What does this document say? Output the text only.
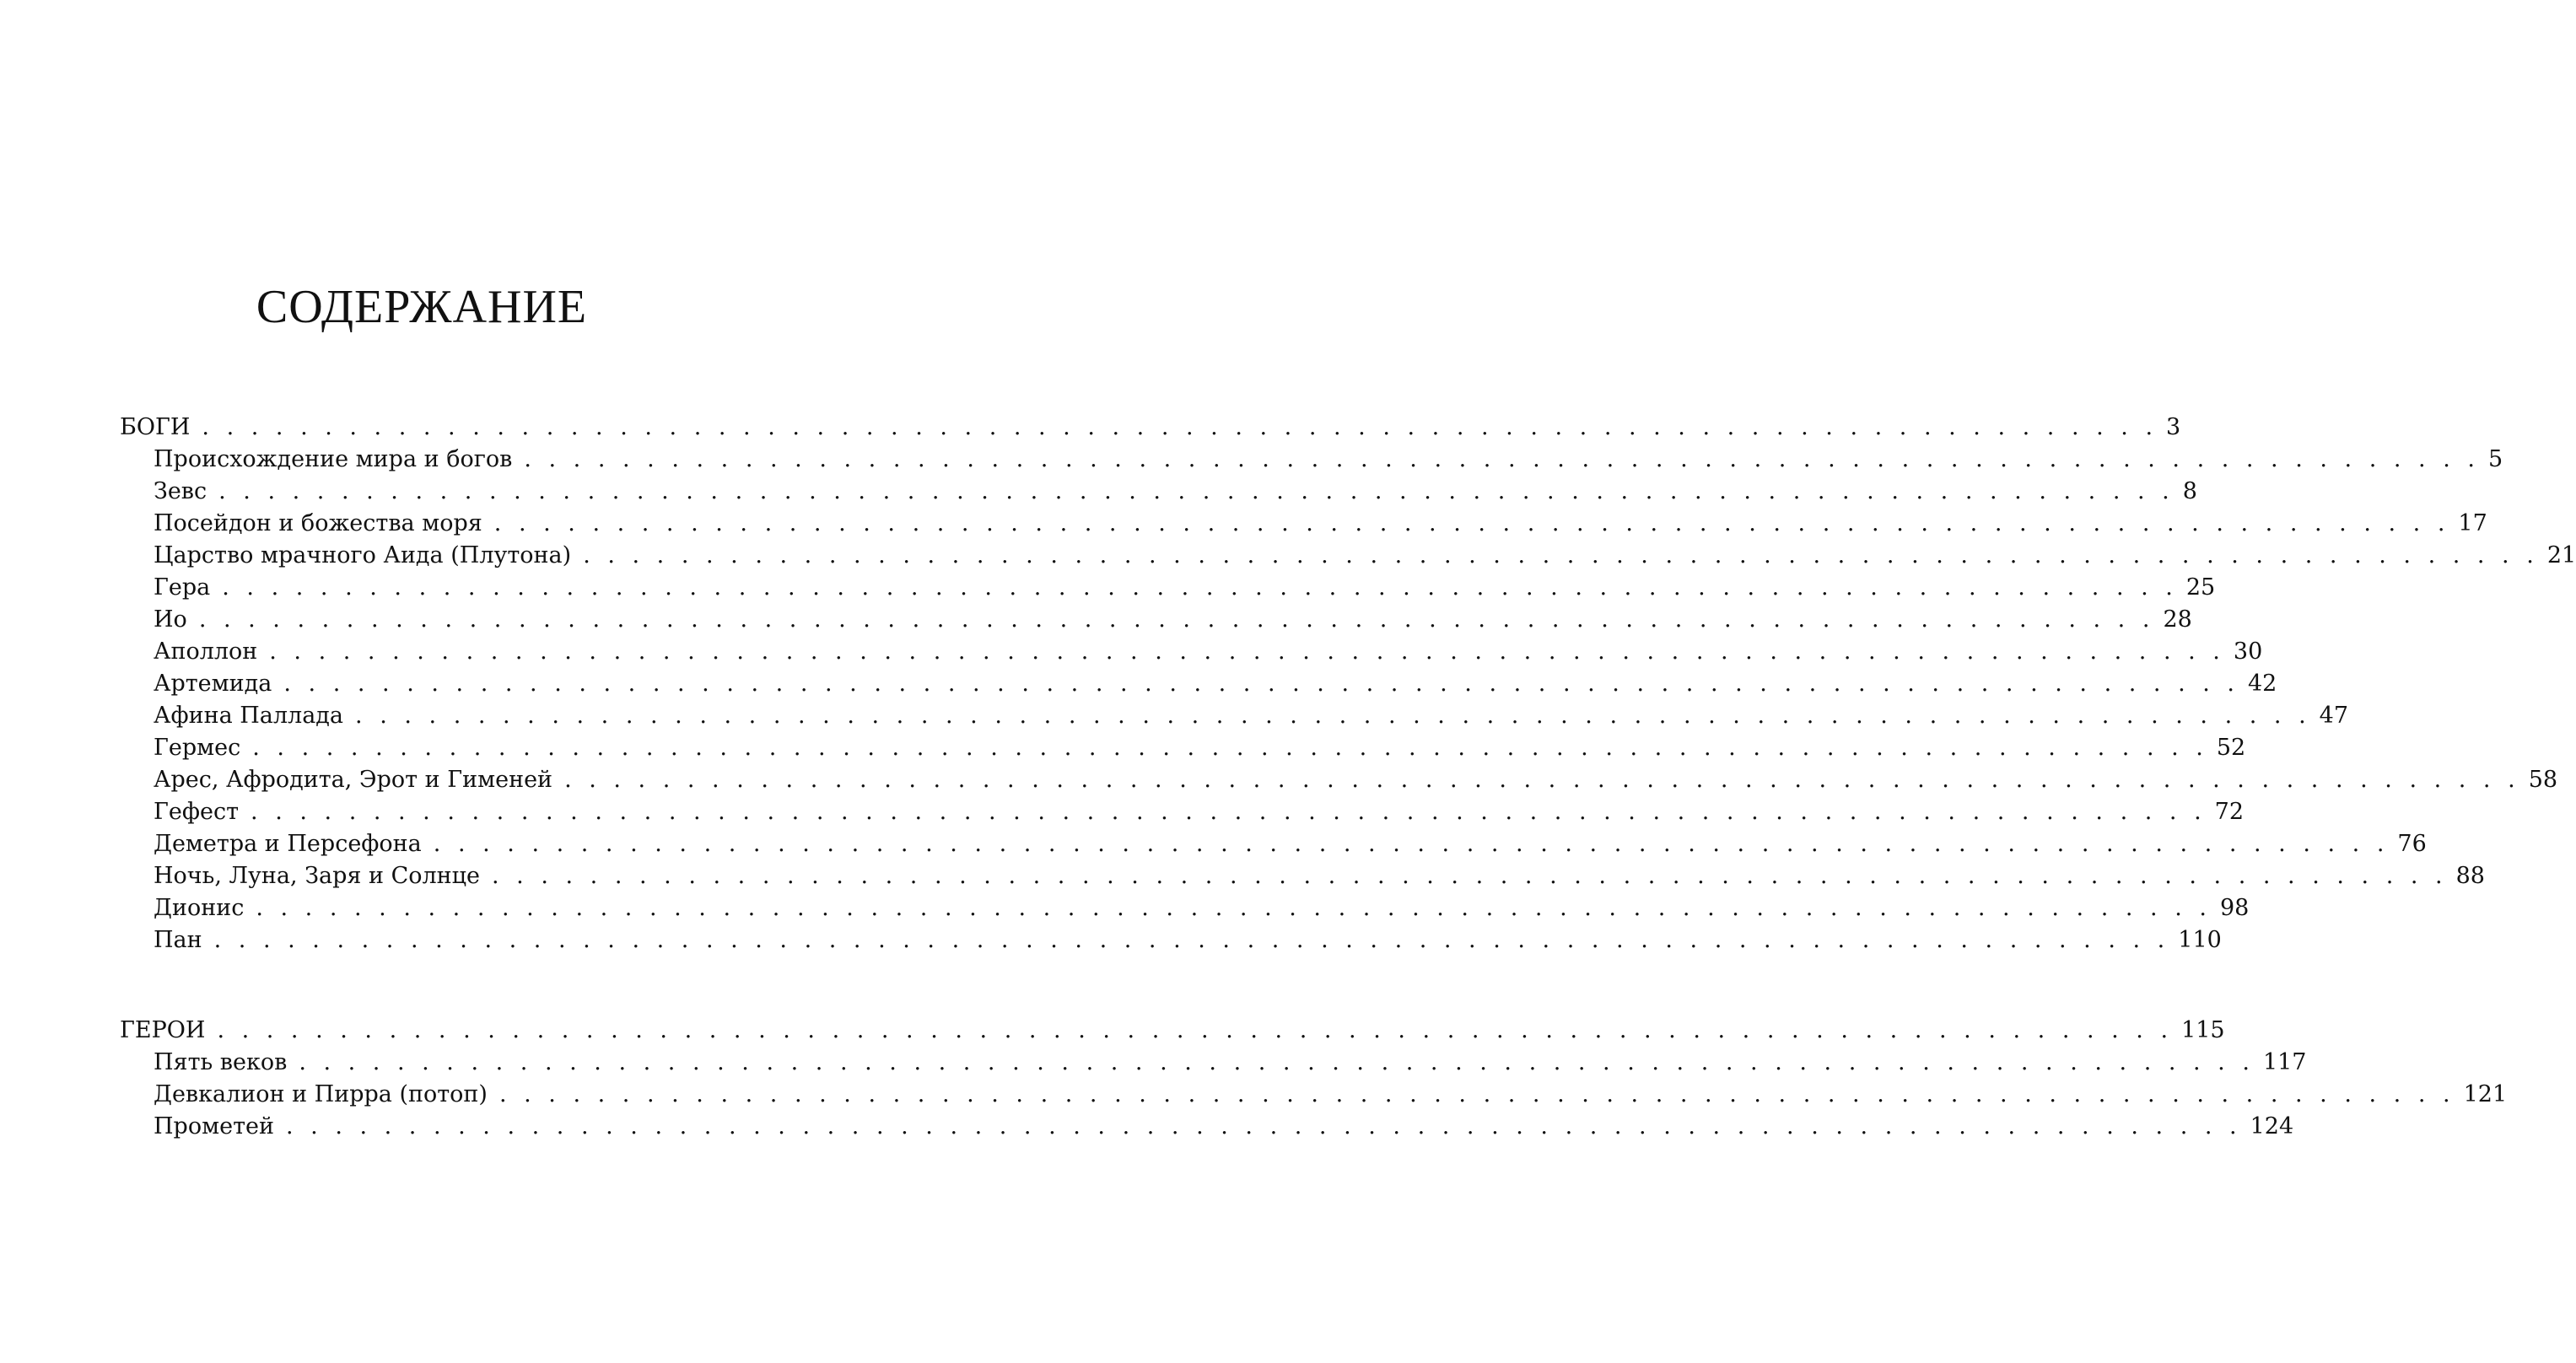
СОДЕРЖАНИЕ
БОГИ . . . . . . . . . . . . . . . . . . . . . . . . . . . . . . . . . . . . . . . . . . . . . . . . . . . . . . . . . . . . . . . . . . . . . . . . . . . . . . . . 3
Происхождение мира и богов . . . . . . . . . . . . . . . . . . . . . . . . . . . . . . . . . . . . . . . . . . . . . . . . . . . . . . . . . . . . . . . . . . . . . . . . . . . . . . . . 5
Зевс . . . . . . . . . . . . . . . . . . . . . . . . . . . . . . . . . . . . . . . . . . . . . . . . . . . . . . . . . . . . . . . . . . . . . . . . . . . . . . . . 8
Посейдон и божества моря . . . . . . . . . . . . . . . . . . . . . . . . . . . . . . . . . . . . . . . . . . . . . . . . . . . . . . . . . . . . . . . . . . . . . . . . . . . . . . . . 17
Царство мрачного Аида (Плутона) . . . . . . . . . . . . . . . . . . . . . . . . . . . . . . . . . . . . . . . . . . . . . . . . . . . . . . . . . . . . . . . . . . . . . . . . . . . . . . . . 21
Гера . . . . . . . . . . . . . . . . . . . . . . . . . . . . . . . . . . . . . . . . . . . . . . . . . . . . . . . . . . . . . . . . . . . . . . . . . . . . . . . . 25
Ио . . . . . . . . . . . . . . . . . . . . . . . . . . . . . . . . . . . . . . . . . . . . . . . . . . . . . . . . . . . . . . . . . . . . . . . . . . . . . . . . 28
Аполлон . . . . . . . . . . . . . . . . . . . . . . . . . . . . . . . . . . . . . . . . . . . . . . . . . . . . . . . . . . . . . . . . . . . . . . . . . . . . . . . . 30
Артемида . . . . . . . . . . . . . . . . . . . . . . . . . . . . . . . . . . . . . . . . . . . . . . . . . . . . . . . . . . . . . . . . . . . . . . . . . . . . . . . . 42
Афина Паллада . . . . . . . . . . . . . . . . . . . . . . . . . . . . . . . . . . . . . . . . . . . . . . . . . . . . . . . . . . . . . . . . . . . . . . . . . . . . . . . . 47
Гермес . . . . . . . . . . . . . . . . . . . . . . . . . . . . . . . . . . . . . . . . . . . . . . . . . . . . . . . . . . . . . . . . . . . . . . . . . . . . . . . . 52
Арес, Афродита, Эрот и Гименей . . . . . . . . . . . . . . . . . . . . . . . . . . . . . . . . . . . . . . . . . . . . . . . . . . . . . . . . . . . . . . . . . . . . . . . . . . . . . . . . 58
Гефест . . . . . . . . . . . . . . . . . . . . . . . . . . . . . . . . . . . . . . . . . . . . . . . . . . . . . . . . . . . . . . . . . . . . . . . . . . . . . . . . 72
Деметра и Персефона . . . . . . . . . . . . . . . . . . . . . . . . . . . . . . . . . . . . . . . . . . . . . . . . . . . . . . . . . . . . . . . . . . . . . . . . . . . . . . . . 76
Ночь, Луна, Заря и Солнце . . . . . . . . . . . . . . . . . . . . . . . . . . . . . . . . . . . . . . . . . . . . . . . . . . . . . . . . . . . . . . . . . . . . . . . . . . . . . . . . 88
Дионис . . . . . . . . . . . . . . . . . . . . . . . . . . . . . . . . . . . . . . . . . . . . . . . . . . . . . . . . . . . . . . . . . . . . . . . . . . . . . . . . 98
Пан . . . . . . . . . . . . . . . . . . . . . . . . . . . . . . . . . . . . . . . . . . . . . . . . . . . . . . . . . . . . . . . . . . . . . . . . . . . . . . . . 110
ГЕРОИ . . . . . . . . . . . . . . . . . . . . . . . . . . . . . . . . . . . . . . . . . . . . . . . . . . . . . . . . . . . . . . . . . . . . . . . . . . . . . . . . 115
Пять веков . . . . . . . . . . . . . . . . . . . . . . . . . . . . . . . . . . . . . . . . . . . . . . . . . . . . . . . . . . . . . . . . . . . . . . . . . . . . . . . . 117
Девкалион и Пирра (потоп) . . . . . . . . . . . . . . . . . . . . . . . . . . . . . . . . . . . . . . . . . . . . . . . . . . . . . . . . . . . . . . . . . . . . . . . . . . . . . . . . 121
Прометей . . . . . . . . . . . . . . . . . . . . . . . . . . . . . . . . . . . . . . . . . . . . . . . . . . . . . . . . . . . . . . . . . . . . . . . . . . . . . . . . 124
